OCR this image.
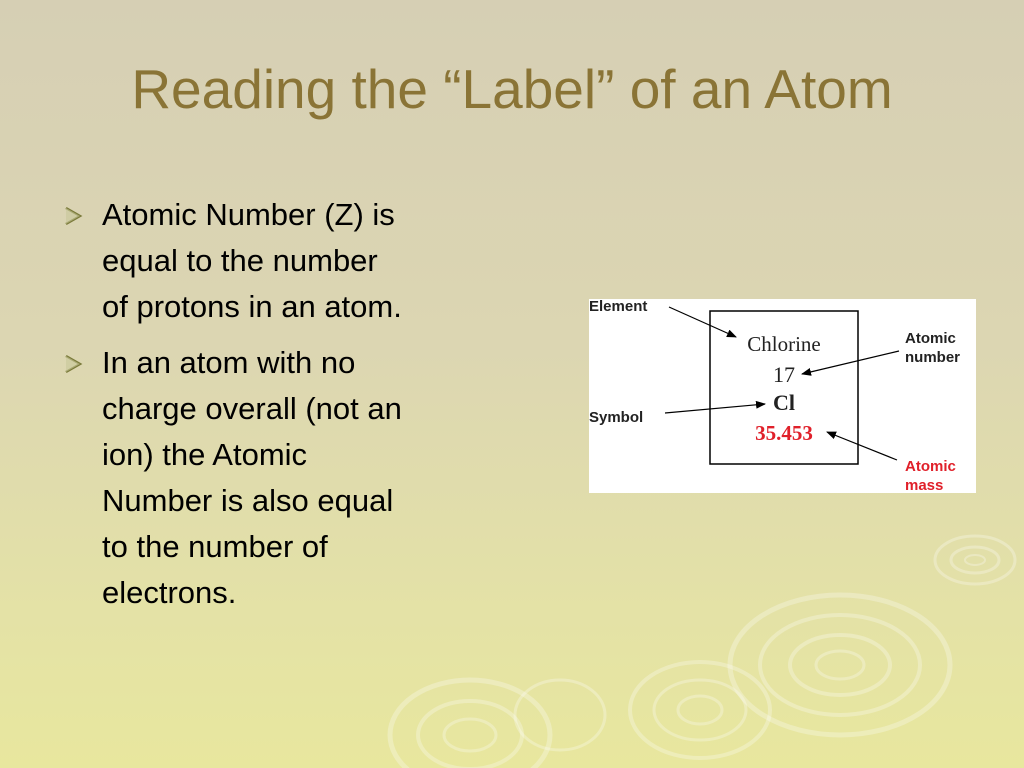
Reading the “Label” of an Atom
Atomic Number (Z) is
equal to the number
of protons in an atom.
In an atom with no
charge overall (not an
ion) the Atomic
Number is also equal
to the number of
electrons.
Chlorine
17
Cl
35.453
Element
Symbol
Atomic
number
Atomic
mass
